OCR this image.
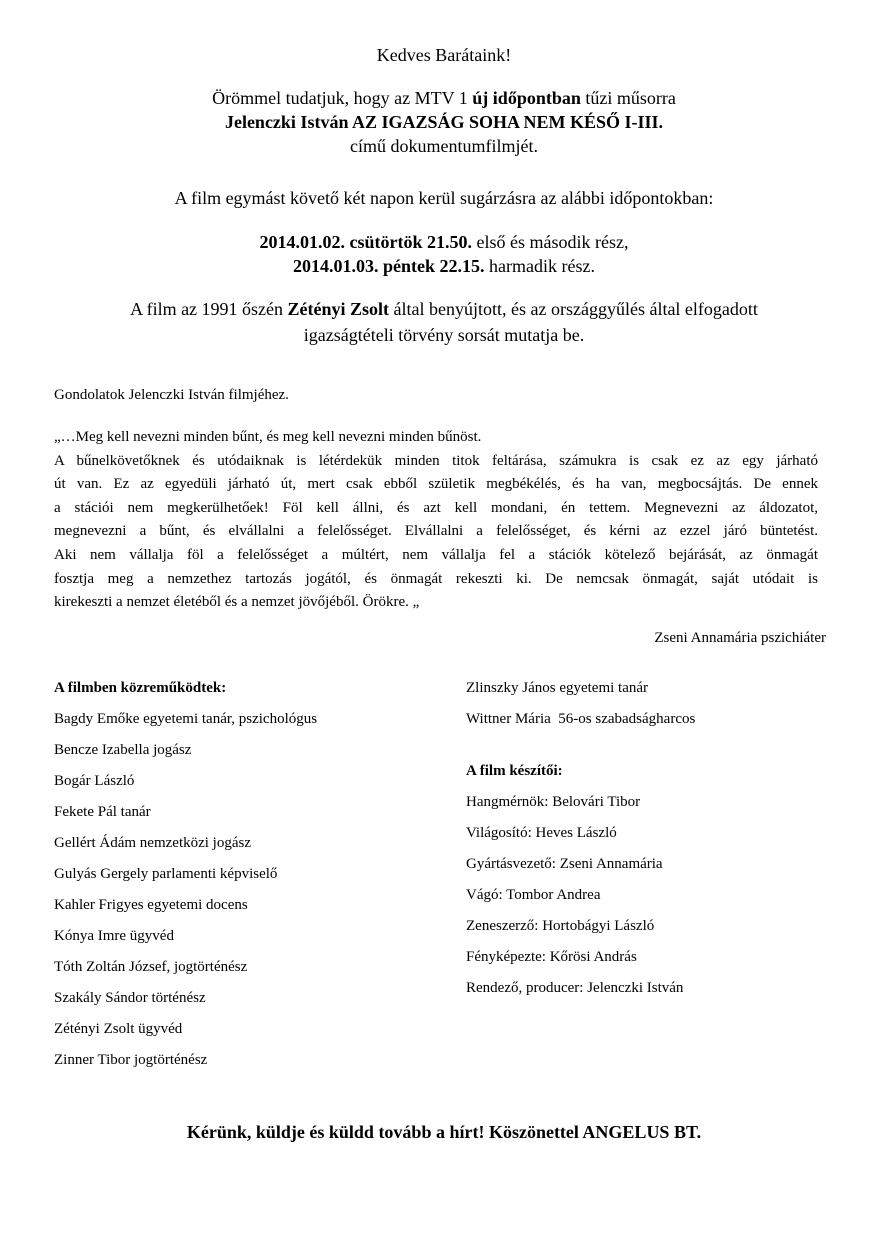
Kedves Barátaink!
Örömmel tudatjuk, hogy az MTV 1 új időpontban tűzi műsorra
Jelenczki István AZ IGAZSÁG SOHA NEM KÉSŐ I-III.
című dokumentumfilmjét.
A film egymást követő két napon kerül sugárzásra az alábbi időpontokban:
2014.01.02. csütörtök 21.50. első és második rész,
2014.01.03. péntek 22.15. harmadik rész.
A film az 1991 őszén Zétényi Zsolt által benyújtott, és az országgyűlés által elfogadott
igazságtételi törvény sorsát mutatja be.
Gondolatok Jelenczki István filmjéhez.
„…Meg kell nevezni minden bűnt, és meg kell nevezni minden bűnöst.
A bűnelkövetőknek és utódaiknak is létérdekük minden titok feltárása, számukra is csak ez az egy járható
út van. Ez az egyedüli járható út, mert csak ebből születik megbékélés, és ha van, megbocsájtás. De ennek
a stációi nem megkerülhetőek! Föl kell állni, és azt kell mondani, én tettem. Megnevezni az áldozatot,
megnevezni a bűnt, és elvállalni a felelősséget. Elvállalni a felelősséget, és kérni az ezzel járó büntetést.
Aki nem vállalja föl a felelősséget a múltért, nem vállalja fel a stációk kötelező bejárását, az önmagát
fosztja meg a nemzethez tartozás jogától, és önmagát rekeszti ki. De nemcsak önmagát, saját utódait is
kirekeszti a nemzet életéből és a nemzet jövőjéből. Örökre. „
Zseni Annamária pszichiáter
A filmben közreműködtek:
Bagdy Emőke egyetemi tanár, pszichológus
Bencze Izabella jogász
Bogár László
Fekete Pál tanár
Gellért Ádám nemzetközi jogász
Gulyás Gergely parlamenti képviselő
Kahler Frigyes egyetemi docens
Kónya Imre ügyvéd
Tóth Zoltán József, jogtörténész
Szakály Sándor történész
Zétényi Zsolt ügyvéd
Zinner Tibor jogtörténész
Zlinszky János egyetemi tanár
Wittner Mária  56-os szabadságharcos
A film készítői:
Hangmérnök: Belovári Tibor
Világosító: Heves László
Gyártásvezető: Zseni Annamária
Vágó: Tombor Andrea
Zeneszerző: Hortobágyi László
Fényképezte: Kőrösi András
Rendező, producer: Jelenczki István
Kérünk, küldje és küldd tovább a hírt! Köszönettel ANGELUS BT.
